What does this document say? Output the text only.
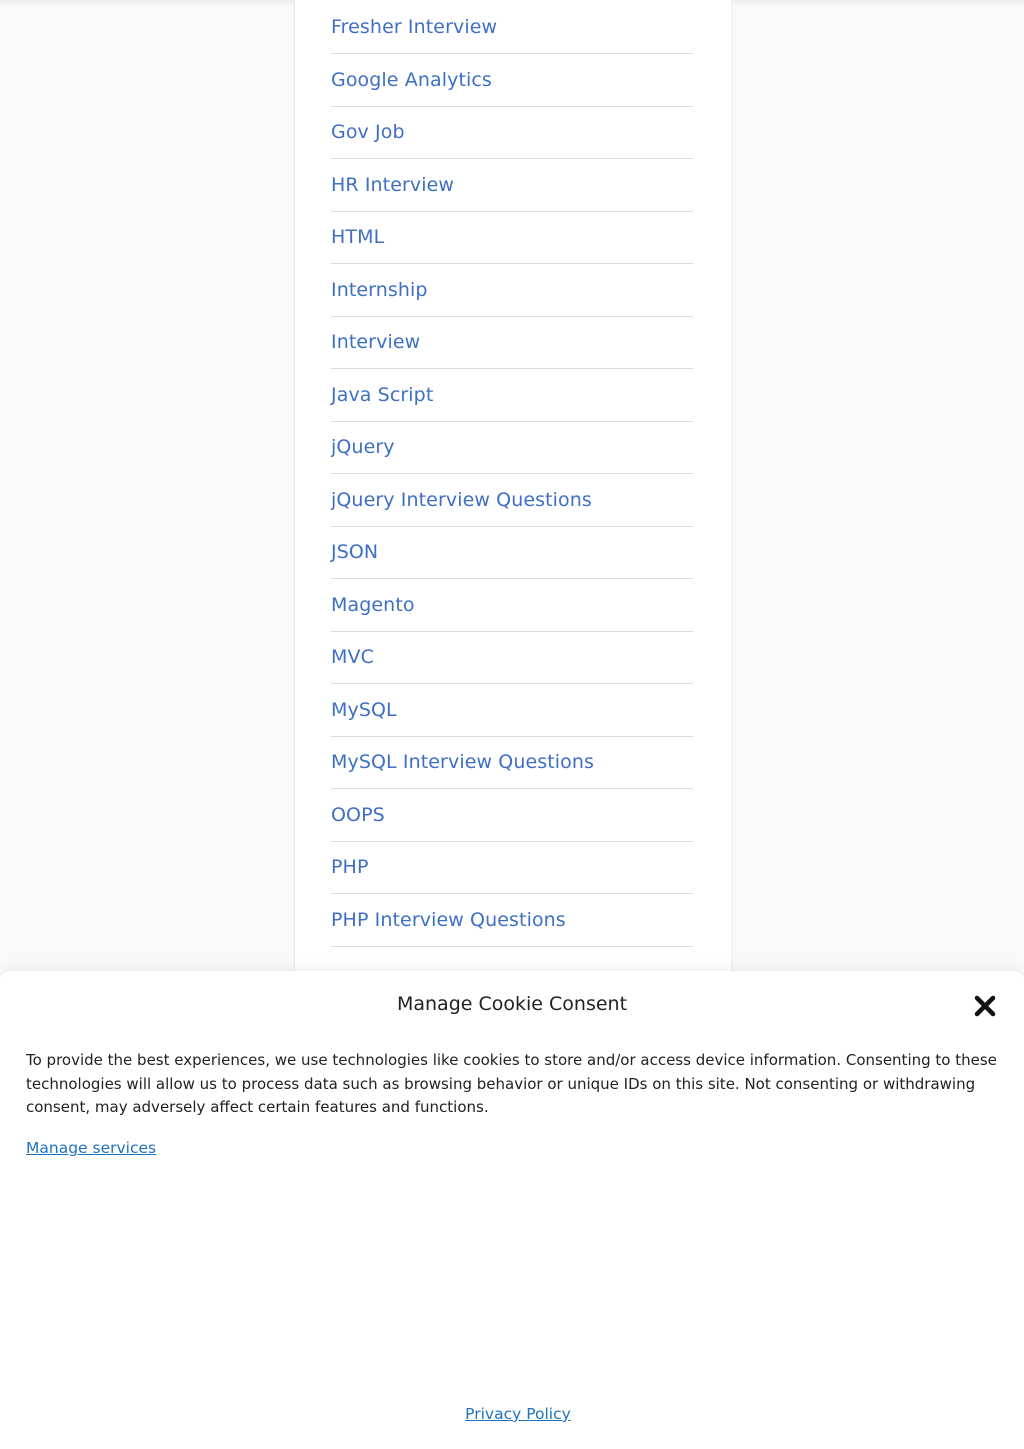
Fresher Interview
Google Analytics
Gov Job
HR Interview
HTML
Internship
Interview
Java Script
jQuery
jQuery Interview Questions
JSON
Magento
MVC
MySQL
MySQL Interview Questions
OOPS
PHP
PHP Interview Questions
Manage Cookie Consent

To provide the best experiences, we use technologies like cookies to store and/or access device information. Consenting to these technologies will allow us to process data such as browsing behavior or unique IDs on this site. Not consenting or withdrawing consent, may adversely affect certain features and functions.

Manage services
Privacy Policy
